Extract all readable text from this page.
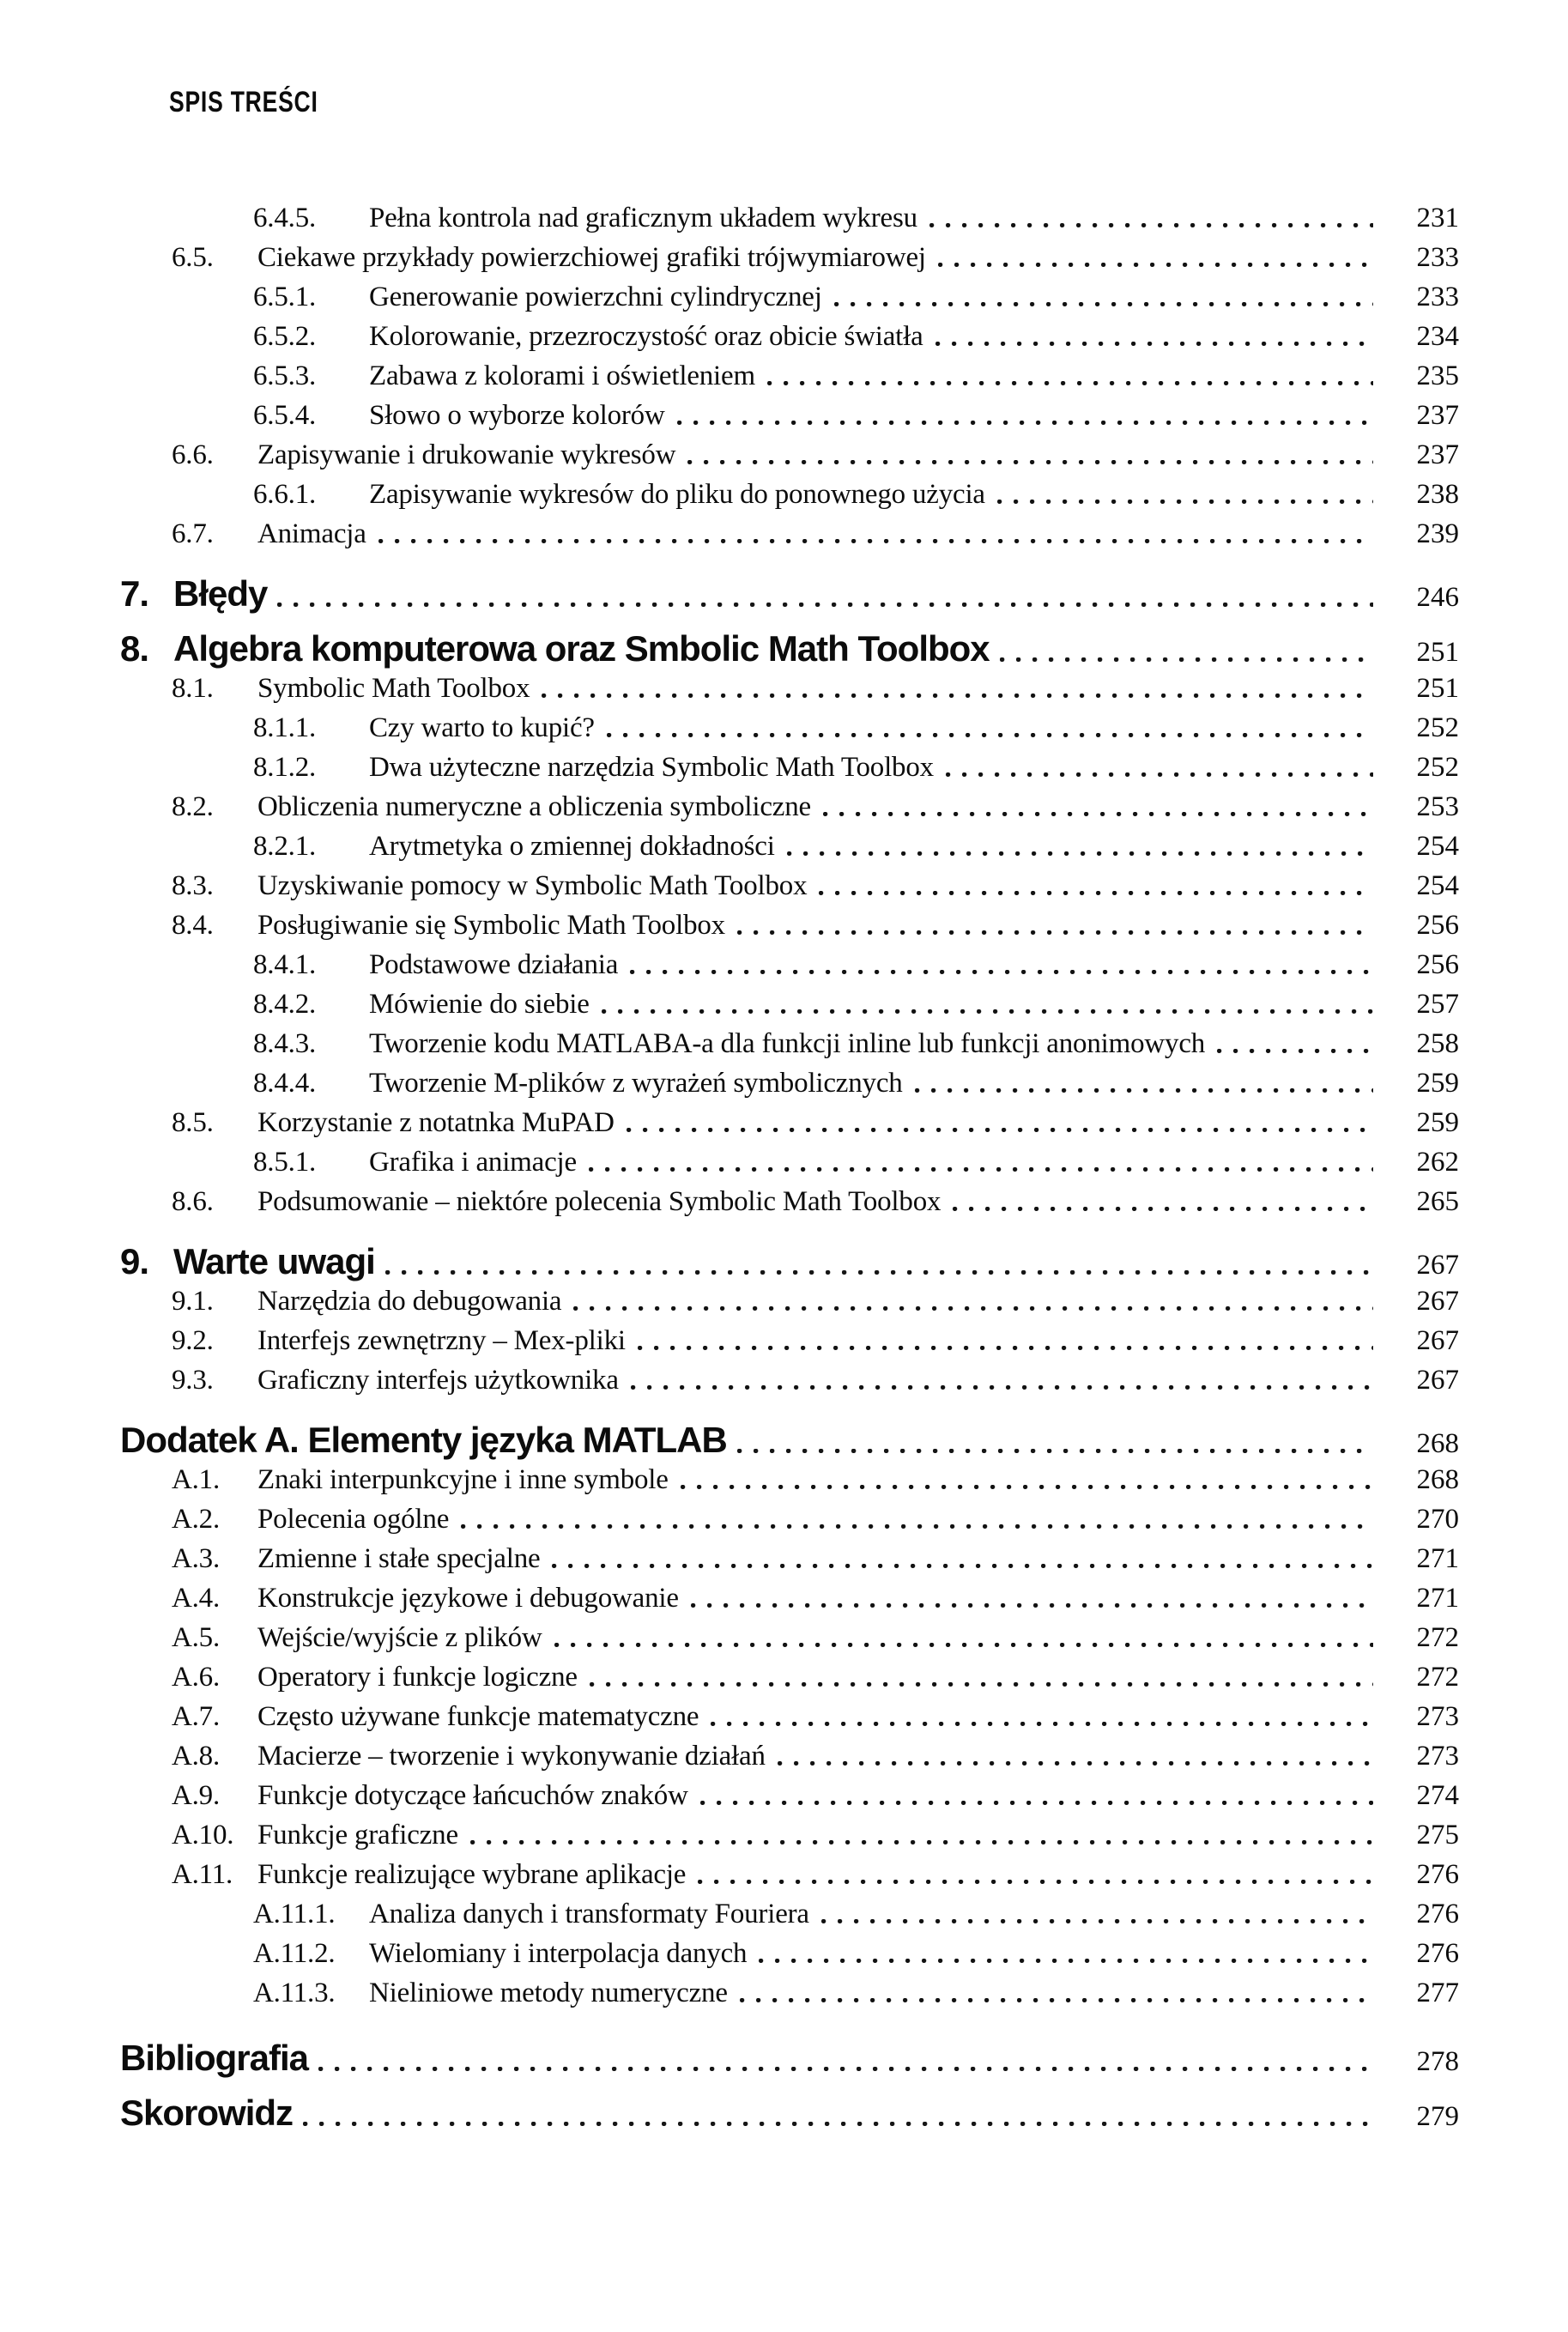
SPIS TREŚCI
6.4.5.	Pełna kontrola nad graficznym układem wykresu	231
6.5.	Ciekawe przykłady powierzchiowej grafiki trójwymiarowej	233
6.5.1.	Generowanie powierzchni cylindrycznej	233
6.5.2.	Kolorowanie, przezroczystość oraz obicie światła	234
6.5.3.	Zabawa z kolorami i oświetleniem	235
6.5.4.	Słowo o wyborze kolorów	237
6.6.	Zapisywanie i drukowanie wykresów	237
6.6.1.	Zapisywanie wykresów do pliku do ponownego użycia	238
6.7.	Animacja	239
7. Błędy	246
8. Algebra komputerowa oraz Smbolic Math Toolbox	251
8.1.	Symbolic Math Toolbox	251
8.1.1.	Czy warto to kupić?	252
8.1.2.	Dwa użyteczne narzędzia Symbolic Math Toolbox	252
8.2.	Obliczenia numeryczne a obliczenia symboliczne	253
8.2.1.	Arytmetyka o zmiennej dokładności	254
8.3.	Uzyskiwanie pomocy w Symbolic Math Toolbox	254
8.4.	Posługiwanie się Symbolic Math Toolbox	256
8.4.1.	Podstawowe działania	256
8.4.2.	Mówienie do siebie	257
8.4.3.	Tworzenie kodu MATLABA-a dla funkcji inline lub funkcji anonimowych	258
8.4.4.	Tworzenie M-plików z wyrażeń symbolicznych	259
8.5.	Korzystanie z notatnka MuPAD	259
8.5.1.	Grafika i animacje	262
8.6.	Podsumowanie – niektóre polecenia Symbolic Math Toolbox	265
9. Warte uwagi	267
9.1.	Narzędzia do debugowania	267
9.2.	Interfejs zewnętrzny – Mex-pliki	267
9.3.	Graficzny interfejs użytkownika	267
Dodatek A. Elementy języka MATLAB	268
A.1.	Znaki interpunkcyjne i inne symbole	268
A.2.	Polecenia ogólne	270
A.3.	Zmienne i stałe specjalne	271
A.4.	Konstrukcje językowe i debugowanie	271
A.5.	Wejście/wyjście z plików	272
A.6.	Operatory i funkcje logiczne	272
A.7.	Często używane funkcje matematyczne	273
A.8.	Macierze – tworzenie i wykonywanie działań	273
A.9.	Funkcje dotyczące łańcuchów znaków	274
A.10. Funkcje graficzne	275
A.11. Funkcje realizujące wybrane aplikacje	276
A.11.1.	Analiza danych i transformaty Fouriera	276
A.11.2.	Wielomiany i interpolacja danych	276
A.11.3.	Nieliniowe metody numeryczne	277
Bibliografia	278
Skorowidz	279
